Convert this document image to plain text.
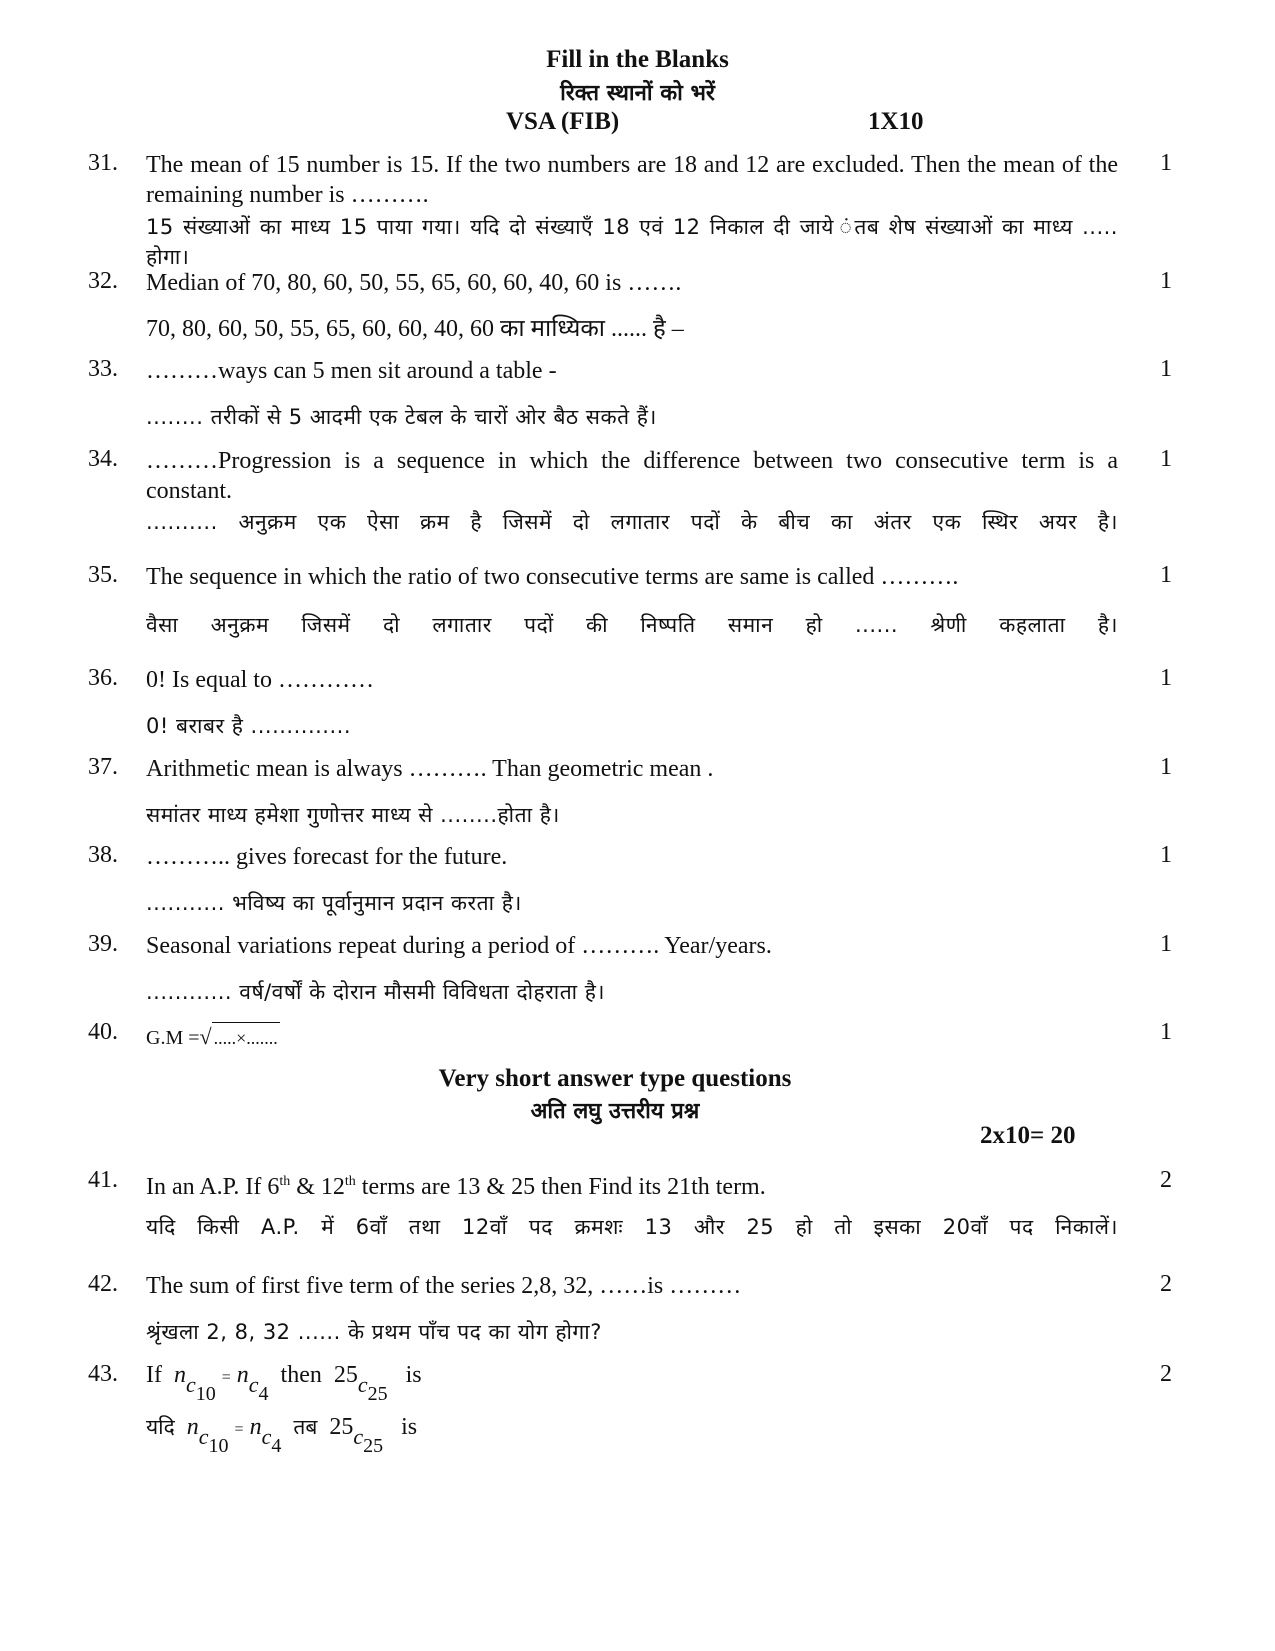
Fill in the Blanks
रिक्त स्थानों को भरें
VSA (FIB)	1X10
31. The mean of 15 number is 15. If the two numbers are 18 and 12 are excluded. Then the mean of the remaining number is ……….
15 संख्याओं का माध्य 15 पाया गया। यदि दो संख्याएँ 18 एवं 12 निकाल दी जाये ंतब शेष संख्याओं का माध्य ..... होगा।
1
32. Median of 70, 80, 60, 50, 55, 65, 60, 60, 40, 60 is …….
70, 80, 60, 50, 55, 65, 60, 60, 40, 60 का माध्यिका ...... है –
1
33. ………ways can 5 men sit around a table -
........ तरीकों से 5 आदमी एक टेबल के चारों ओर बैठ सकते हैं।
1
34. ………Progression is a sequence in which the difference between two consecutive term is a constant.
.......... अनुक्रम एक ऐसा क्रम है जिसमें दो लगातार पदों के बीच का अंतर एक स्थिर अयर है।
1
35. The sequence in which the ratio of two consecutive terms are same is called ……….
वैसा अनुक्रम जिसमें दो लगातार पदों की निष्पति समान हो ...... श्रेणी कहलाता है।
1
36. 0! Is equal to …………
0! बराबर है ..............
1
37. Arithmetic mean is always ………. Than geometric mean .
समांतर माध्य हमेशा गुणोत्तर माध्य से ........होता है।
1
38. ……….. gives forecast for the future.
........... भविष्य का पूर्वानुमान प्रदान करता है।
1
39. Seasonal variations repeat during a period of ………. Year/years.
............ वर्ष/वर्षों के दोरान मौसमी विविधता दोहराता है।
1
40. G.M =√ .....×.......	1
Very short answer type questions
अति लघु उत्तरीय प्रश्न
2x10= 20
41. In an A.P. If 6th & 12th terms are 13 & 25 then Find its 21th term.
यदि किसी A.P. में 6वाँ तथा 12वाँ पद क्रमशः 13 और 25 हो तो इसका 20वाँ पद निकालें।
2
42. The sum of first five term of the series 2,8, 32, ……is ………
श्रृंखला 2, 8, 32 ...... के प्रथम पाँच पद का योग होगा?
2
43. If nc10 = nc4  then 25c25   is
यदि nc10 = nc4  तब 25c25   is
2
